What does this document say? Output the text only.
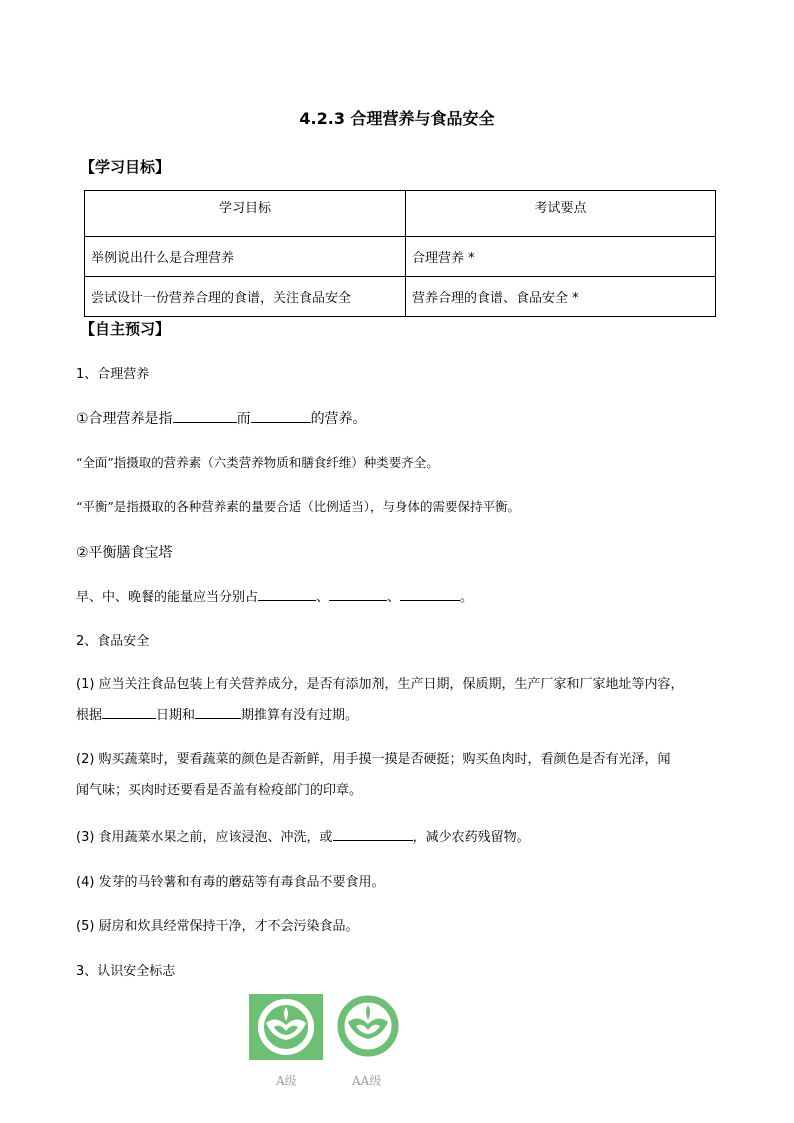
4.2.3 合理营养与食品安全
【学习目标】
学习目标	考试要点
举例说出什么是合理营养	合理营养 *
尝试设计一份营养合理的食谱，关注食品安全	营养合理的食谱、食品安全 *
【自主预习】
1、合理营养
①合理营养是指	而	的营养。
“全面”指摄取的营养素（六类营养物质和膳食纤维）种类要齐全。
“平衡”是指摄取的各种营养素的量要合适（比例适当），与身体的需要保持平衡。
②平衡膳食宝塔
早、中、晚餐的能量应当分别占	、	、	。
2、食品安全
(1) 应当关注食品包装上有关营养成分，是否有添加剂，生产日期，保质期，生产厂家和厂家地址等内容，
根据	日期和	期推算有没有过期。
(2) 购买蔬菜时，要看蔬菜的颜色是否新鲜，用手摸一摸是否硬挺；购买鱼肉时，看颜色是否有光泽，闻
闻气味；买肉时还要看是否盖有检疫部门的印章。
(3) 食用蔬菜水果之前，应该浸泡、冲洗，或	，减少农药残留物。
(4) 发芽的马铃薯和有毒的蘑菇等有毒食品不要食用。
(5) 厨房和炊具经常保持干净，才不会污染食品。
3、认识安全标志
A级	AA级
